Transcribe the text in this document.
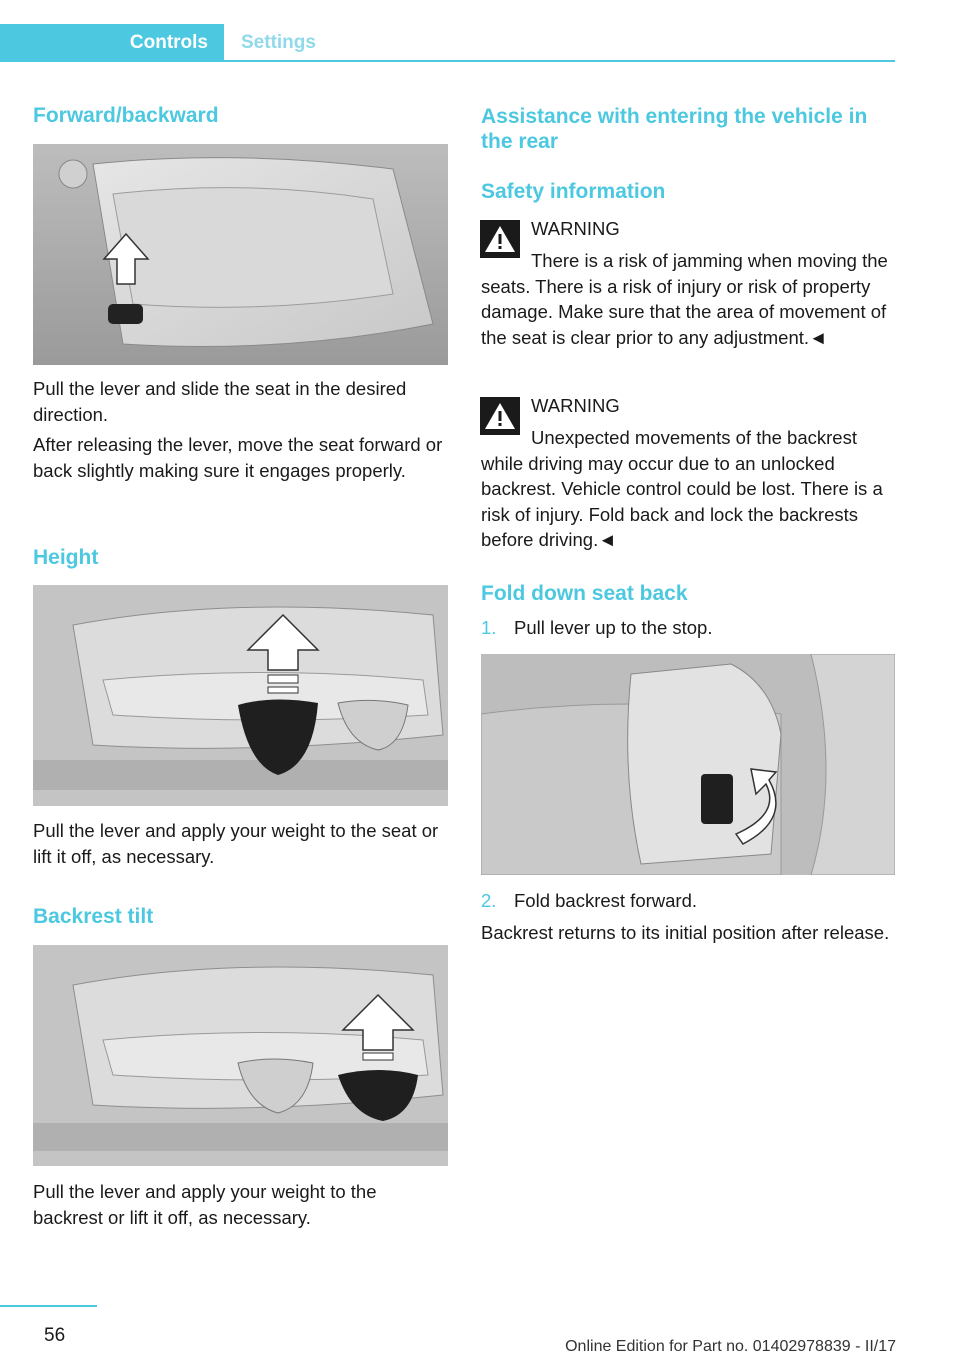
Controls	Settings
Forward/backward

Pull the lever and slide the seat in the desired direction.

After releasing the lever, move the seat forward or back slightly making sure it engages properly.

Height

Pull the lever and apply your weight to the seat or lift it off, as necessary.

Backrest tilt

Pull the lever and apply your weight to the backrest or lift it off, as necessary.

Assistance with entering the vehicle in the rear
Safety information

WARNING

There is a risk of jamming when moving the seats. There is a risk of injury or risk of property damage. Make sure that the area of movement of the seat is clear prior to any adjustment.◄

WARNING

Unexpected movements of the backrest while driving may occur due to an unlocked backrest. Vehicle control could be lost. There is a risk of injury. Fold back and lock the backrests before driving.◄

Fold down seat back

1. Pull lever up to the stop.

2. Fold backrest forward.

Backrest returns to its initial position after release.

56
Online Edition for Part no. 01402978839 - II/17
